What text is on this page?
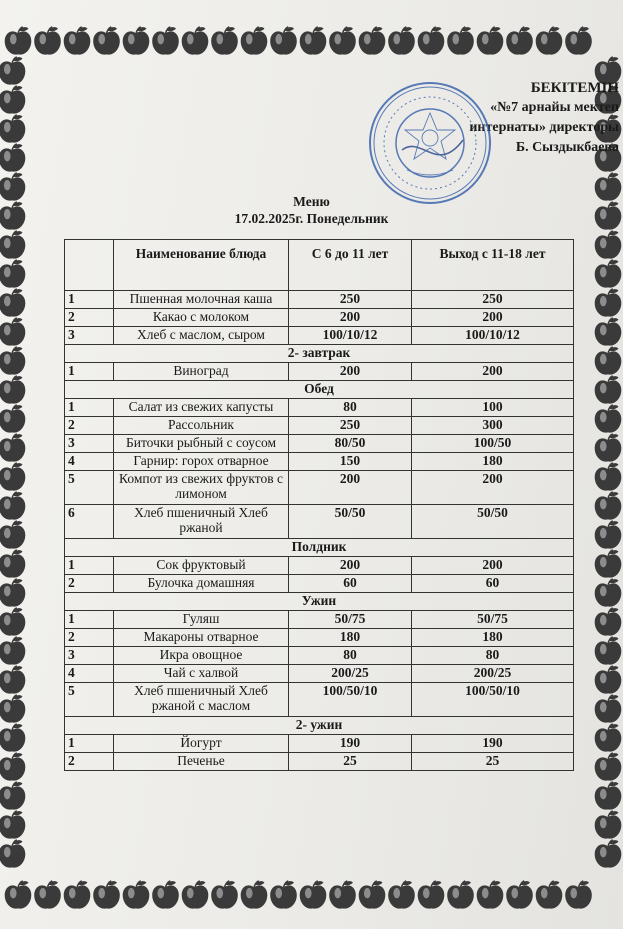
БЕКІТЕМІН
«№7 арнайы мектеп
интернаты» директоры
Б. Сыздыкбаева
Меню
17.02.2025г. Понедельник
	Наименование блюда	С 6 до 11 лет	Выход с 11-18 лет
1	Пшенная молочная каша	250	250
2	Какао с молоком	200	200
3	Хлеб с маслом, сыром	100/10/12	100/10/12
2- завтрак			
1	Виноград	200	200
Обед			
1	Салат из свежих капусты	80	100
2	Рассольник	250	300
3	Биточки рыбный с соусом	80/50	100/50
4	Гарнир: горох отварное	150	180
5	Компот из свежих фруктов с лимоном	200	200
6	Хлеб пшеничный Хлеб ржаной	50/50	50/50
Полдник			
1	Сок фруктовый	200	200
2	Булочка домашняя	60	60
Ужин			
1	Гуляш	50/75	50/75
2	Макароны отварное	180	180
3	Икра овощное	80	80
4	Чай с халвой	200/25	200/25
5	Хлеб пшеничный Хлеб ржаной с маслом	100/50/10	100/50/10
2- ужин			
1	Йогурт	190	190
2	Печенье	25	25
